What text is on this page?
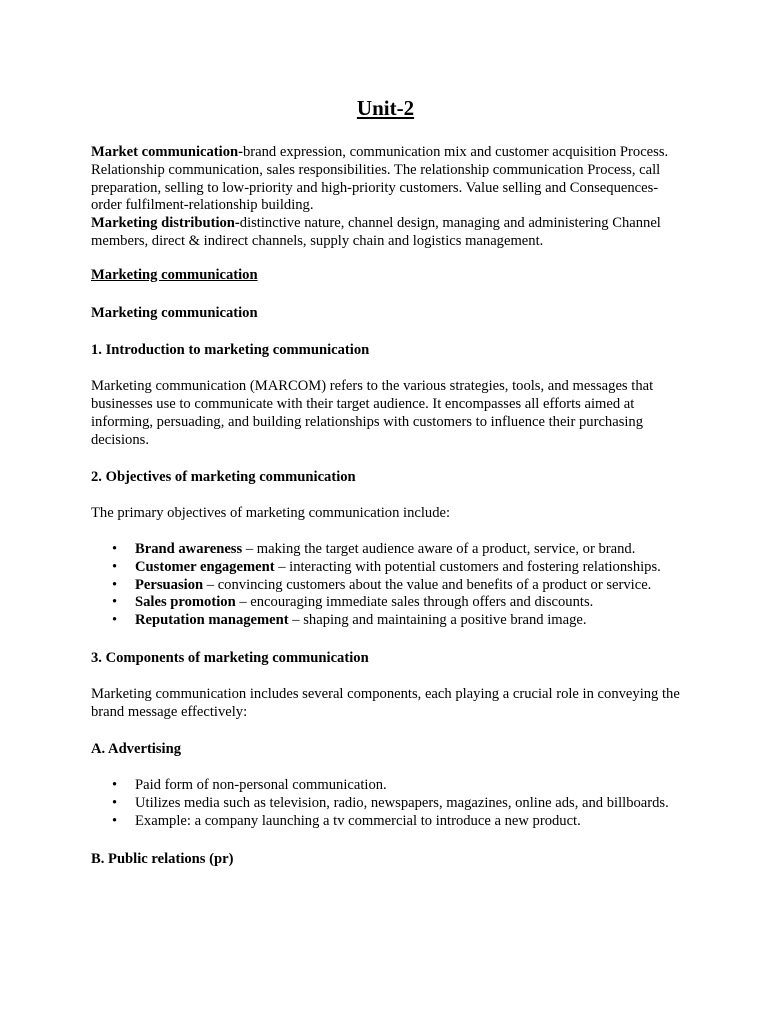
Unit-2

Market communication-brand expression, communication mix and customer acquisition Process. Relationship communication, sales responsibilities. The relationship communication Process, call preparation, selling to low-priority and high-priority customers. Value selling and Consequences-order fulfilment-relationship building.

Marketing distribution-distinctive nature, channel design, managing and administering Channel members, direct & indirect channels, supply chain and logistics management.

Marketing communication
Marketing communication
1. Introduction to marketing communication
Marketing communication (MARCOM) refers to the various strategies, tools, and messages that businesses use to communicate with their target audience. It encompasses all efforts aimed at informing, persuading, and building relationships with customers to influence their purchasing decisions.
2. Objectives of marketing communication
The primary objectives of marketing communication include:
• Brand awareness – making the target audience aware of a product, service, or brand.
• Customer engagement – interacting with potential customers and fostering relationships.
• Persuasion – convincing customers about the value and benefits of a product or service.
• Sales promotion – encouraging immediate sales through offers and discounts.
• Reputation management – shaping and maintaining a positive brand image.
3. Components of marketing communication
Marketing communication includes several components, each playing a crucial role in conveying the brand message effectively:
A. Advertising
• Paid form of non-personal communication.
• Utilizes media such as television, radio, newspapers, magazines, online ads, and billboards.
• Example: a company launching a tv commercial to introduce a new product.
B. Public relations (pr)
